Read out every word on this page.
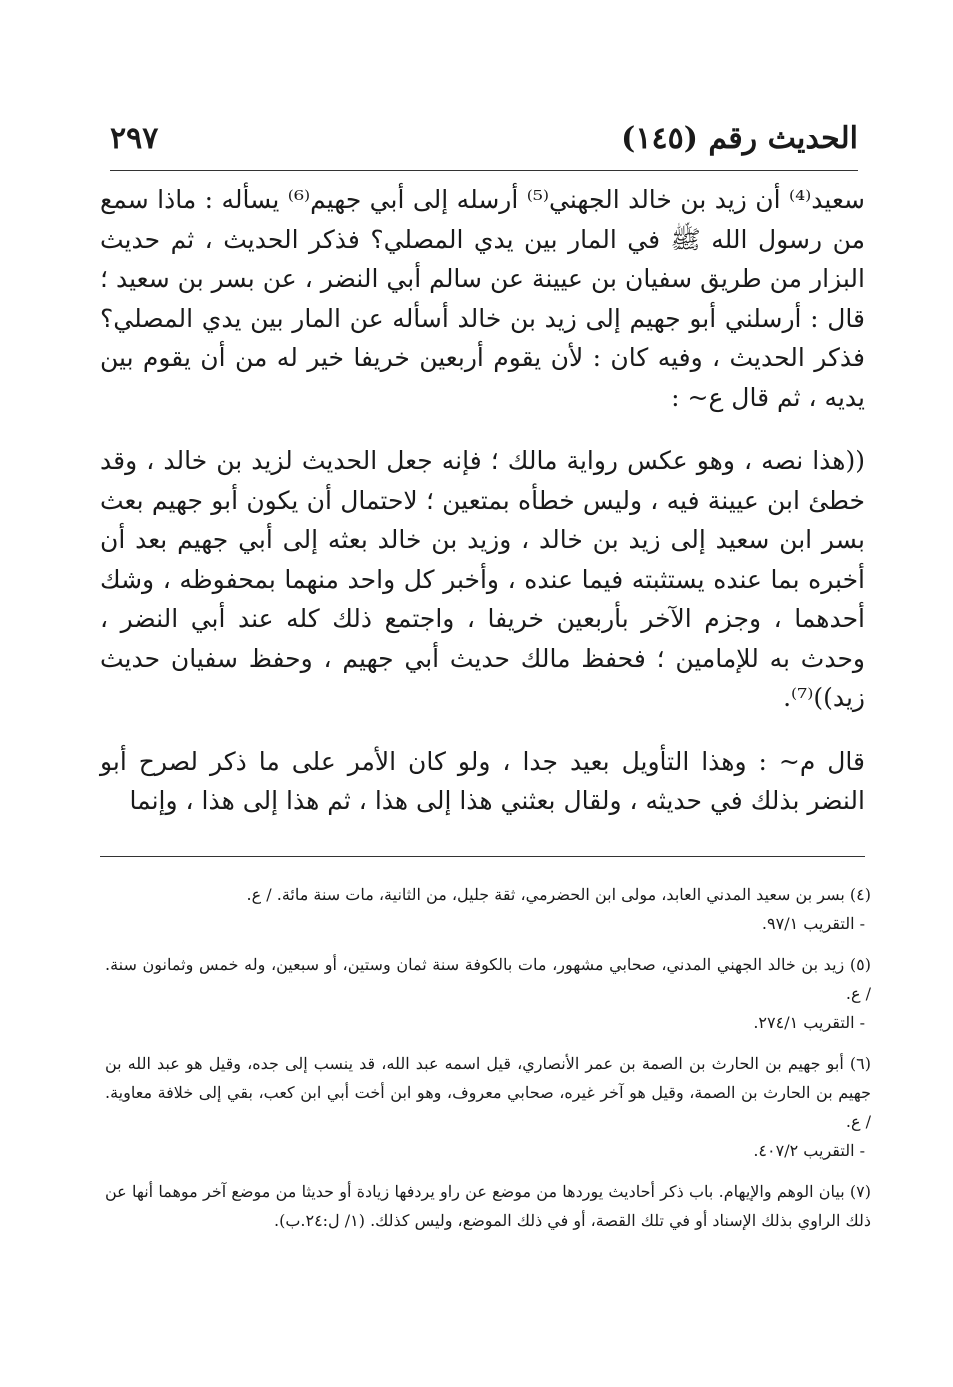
الحديث رقم (١٤٥)
٢٩٧

سعيد⁽⁴⁾ أن زيد بن خالد الجهني⁽⁵⁾ أرسله إلى أبي جهيم⁽⁶⁾ يسأله : ماذا سمع من رسول الله ﷺ في المار بين يدي المصلي؟ فذكر الحديث ، ثم حديث البزار من طريق سفيان بن عيينة عن سالم أبي النضر ، عن بسر بن سعيد ؛ قال : أرسلني أبو جهيم إلى زيد بن خالد أسأله عن المار بين يدي المصلي؟ فذكر الحديث ، وفيه كان : لأن يقوم أربعين خريفا خير له من أن يقوم بين يديه ، ثم قال ع~ :

((هذا نصه ، وهو عكس رواية مالك ؛ فإنه جعل الحديث لزيد بن خالد ، وقد خطئ ابن عيينة فيه ، وليس خطأه بمتعين ؛ لاحتمال أن يكون أبو جهيم بعث بسر ابن سعيد إلى زيد بن خالد ، وزيد بن خالد بعثه إلى أبي جهيم بعد أن أخبره بما عنده يستثبته فيما عنده ، وأخبر كل واحد منهما بمحفوظه ، وشك أحدهما ، وجزم الآخر بأربعين خريفا ، واجتمع ذلك كله عند أبي النضر ، وحدث به للإمامين ؛ فحفظ مالك حديث أبي جهيم ، وحفظ سفيان حديث زيد))⁽⁷⁾.

قال م~ : وهذا التأويل بعيد جدا ، ولو كان الأمر على ما ذكر لصرح أبو النضر بذلك في حديثه ، ولقال بعثني هذا إلى هذا ، ثم هذا إلى هذا ، وإنما

(٤) بسر بن سعيد المدني العابد، مولى ابن الحضرمي، ثقة جليل، من الثانية، مات سنة مائة. / ع.

- التقريب ٩٧/١.

(٥) زيد بن خالد الجهني المدني، صحابي مشهور، مات بالكوفة سنة ثمان وستين، أو سبعين، وله خمس وثمانون سنة. / ع.

- التقريب ٢٧٤/١.

(٦) أبو جهيم بن الحارث بن الصمة بن عمر الأنصاري، قيل اسمه عبد الله، قد ينسب إلى جده، وقيل هو عبد الله بن جهيم بن الحارث بن الصمة، وقيل هو آخر غيره، صحابي معروف، وهو ابن أخت أبي ابن كعب، بقي إلى خلافة معاوية. / ع.

- التقريب ٤٠٧/٢.

(٧) بيان الوهم والإيهام. باب ذكر أحاديث يوردها من موضع عن راو يردفها زيادة أو حديثا من موضع آخر موهما أنها عن ذلك الراوي بذلك الإسناد أو في تلك القصة، أو في ذلك الموضع، وليس كذلك. (١/ ل:٢٤.ب).
